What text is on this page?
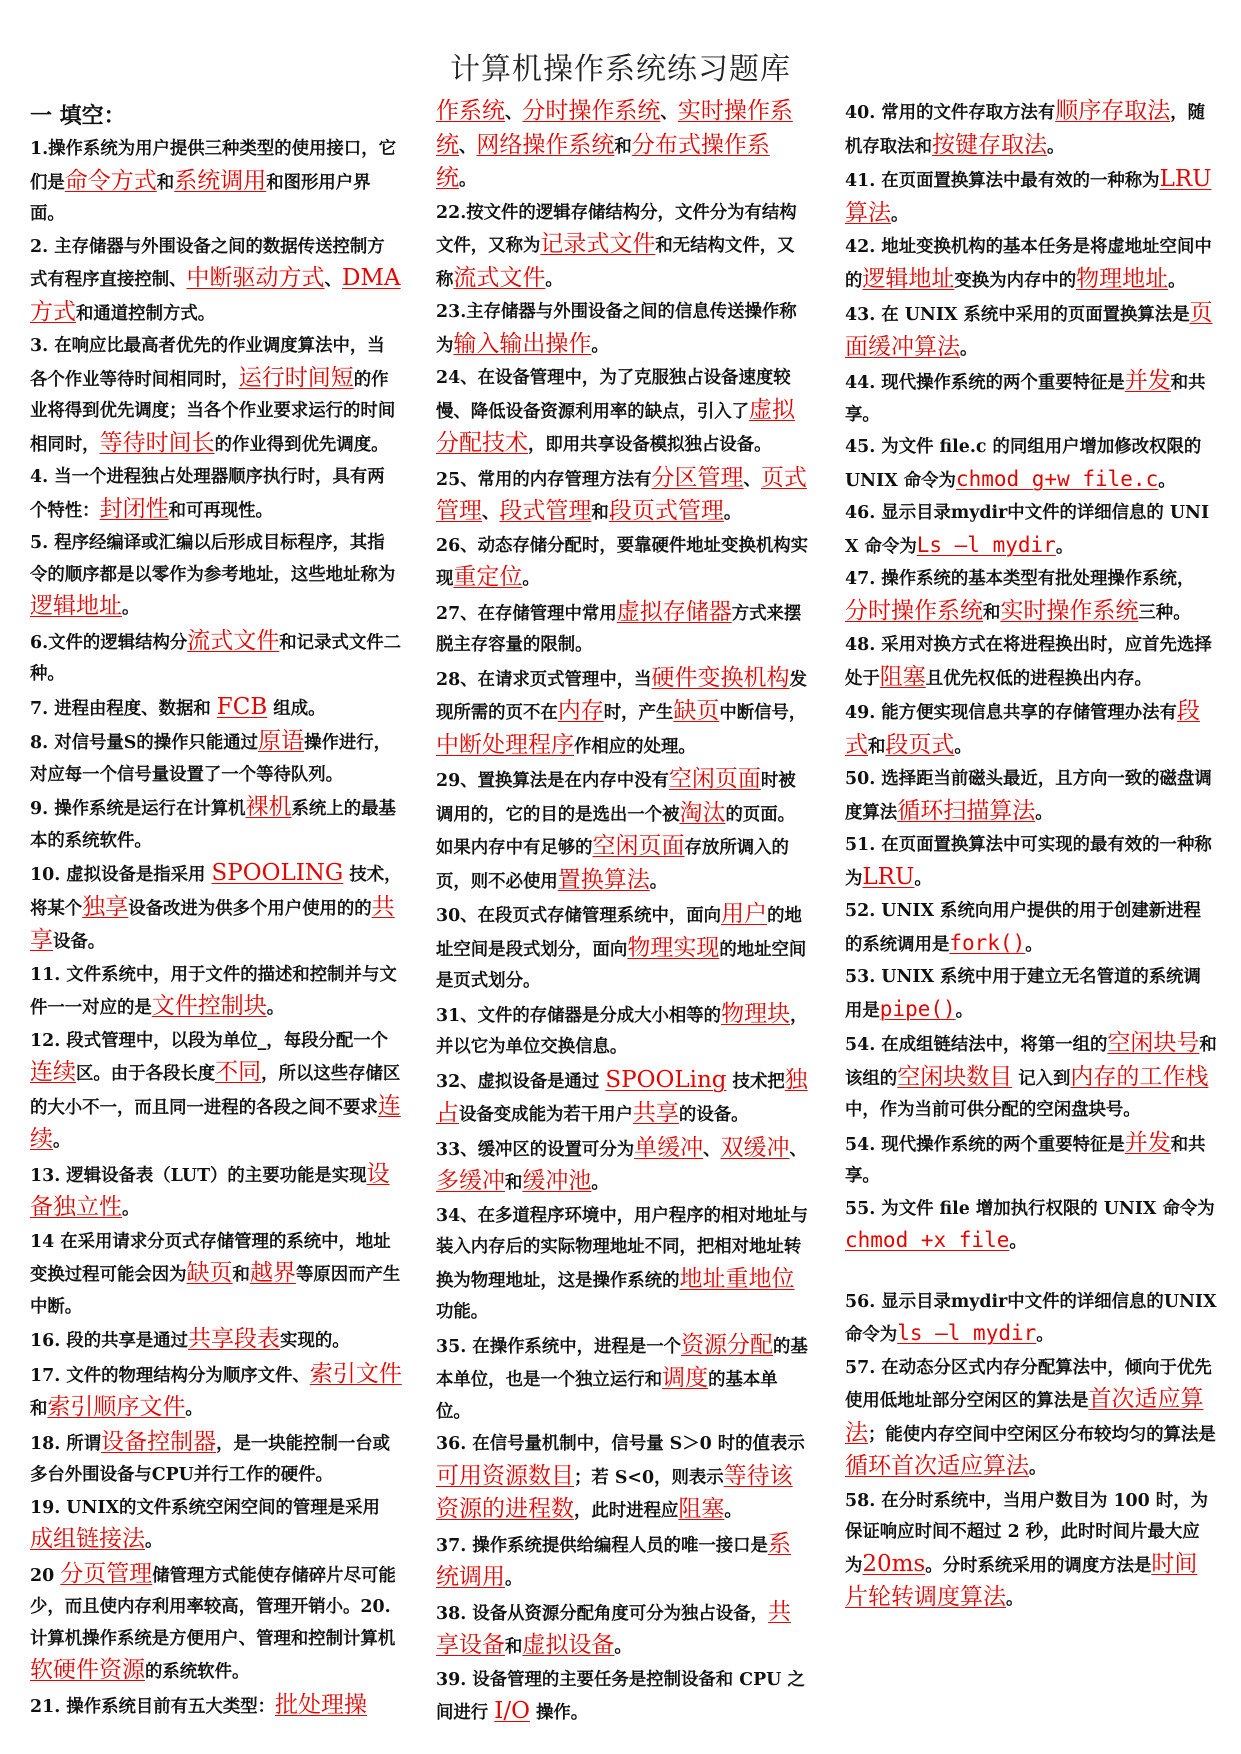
计算机操作系统练习题库
一 填空：
1.操作系统为用户提供三种类型的使用接口，它们是命令方式和系统调用和图形用户界面。
2. 主存储器与外围设备之间的数据传送控制方式有程序直接控制、中断驱动方式、DMA方式和通道控制方式。
3. 在响应比最高者优先的作业调度算法中，当各个作业等待时间相同时，运行时间短的作业将得到优先调度；当各个作业要求运行的时间相同时，等待时间长的作业得到优先调度。
4. 当一个进程独占处理器顺序执行时，具有两个特性：封闭性和可再现性。
5. 程序经编译或汇编以后形成目标程序，其指令的顺序都是以零作为参考地址，这些地址称为逻辑地址。
6.文件的逻辑结构分流式文件和记录式文件二种。
7. 进程由程度、数据和 FCB 组成。
8. 对信号量S的操作只能通过原语操作进行，对应每一个信号量设置了一个等待队列。
9. 操作系统是运行在计算机裸机系统上的最基本的系统软件。
10. 虚拟设备是指采用 SPOOLING 技术，将某个独享设备改进为供多个用户使用的的共享设备。
11. 文件系统中，用于文件的描述和控制并与文件一一对应的是文件控制块。
12. 段式管理中，以段为单位_，每段分配一个连续区。由于各段长度不同，所以这些存储区的大小不一，而且同一进程的各段之间不要求连续。
13. 逻辑设备表（LUT）的主要功能是实现设备独立性。
14 在采用请求分页式存储管理的系统中，地址变换过程可能会因为缺页和越界等原因而产生中断。
16. 段的共享是通过共享段表实现的。
17. 文件的物理结构分为顺序文件、索引文件和索引顺序文件。
18. 所谓设备控制器，是一块能控制一台或多台外围设备与CPU并行工作的硬件。
19. UNIX的文件系统空闲空间的管理是采用成组链接法。
20 分页管理储管理方式能使存储碎片尽可能少，而且使内存利用率较高，管理开销小。20. 计算机操作系统是方便用户、管理和控制计算机软硬件资源的系统软件。
21. 操作系统目前有五大类型：批处理操
作系统、分时操作系统、实时操作系统、网络操作系统和分布式操作系统。
22.按文件的逻辑存储结构分，文件分为有结构文件，又称为记录式文件和无结构文件，又称流式文件。
23.主存储器与外围设备之间的信息传送操作称为输入输出操作。
24、在设备管理中，为了克服独占设备速度较慢、降低设备资源利用率的缺点，引入了虚拟分配技术，即用共享设备模拟独占设备。
25、常用的内存管理方法有分区管理、页式管理、段式管理和段页式管理。
26、动态存储分配时，要靠硬件地址变换机构实现重定位。
27、在存储管理中常用虚拟存储器方式来摆脱主存容量的限制。
28、在请求页式管理中，当硬件变换机构发现所需的页不在内存时，产生缺页中断信号，中断处理程序作相应的处理。
29、置换算法是在内存中没有空闲页面时被调用的，它的目的是选出一个被淘汰的页面。如果内存中有足够的空闲页面存放所调入的页，则不必使用置换算法。
30、在段页式存储管理系统中，面向用户的地址空间是段式划分，面向物理实现的地址空间是页式划分。
31、文件的存储器是分成大小相等的物理块，并以它为单位交换信息。
32、虚拟设备是通过 SPOOLing 技术把独占设备变成能为若干用户共享的设备。
33、缓冲区的设置可分为单缓冲、双缓冲、多缓冲和缓冲池。
34、在多道程序环境中，用户程序的相对地址与装入内存后的实际物理地址不同，把相对地址转换为物理地址，这是操作系统的地址重地位功能。
35. 在操作系统中，进程是一个资源分配的基本单位，也是一个独立运行和调度的基本单位。
36. 在信号量机制中，信号量 S＞0 时的值表示可用资源数目；若 S<0，则表示等待该资源的进程数，此时进程应阻塞。
37. 操作系统提供给编程人员的唯一接口是系统调用。
38. 设备从资源分配角度可分为独占设备，共享设备和虚拟设备。
39. 设备管理的主要任务是控制设备和 CPU 之间进行 I/O 操作。
40. 常用的文件存取方法有顺序存取法，随机存取法和按键存取法。
41. 在页面置换算法中最有效的一种称为LRU算法。
42. 地址变换机构的基本任务是将虚地址空间中的逻辑地址变换为内存中的物理地址。
43. 在 UNIX 系统中采用的页面置换算法是页面缓冲算法。
44. 现代操作系统的两个重要特征是并发和共享。
45. 为文件 file.c 的同组用户增加修改权限的 UNIX 命令为chmod g+w file.c。
46. 显示目录mydir中文件的详细信息的 UNIX 命令为Ls –l mydir。
47. 操作系统的基本类型有批处理操作系统，分时操作系统和实时操作系统三种。
48. 采用对换方式在将进程换出时，应首先选择处于阻塞且优先权低的进程换出内存。
49. 能方便实现信息共享的存储管理办法有段式和段页式。
50. 选择距当前磁头最近，且方向一致的磁盘调度算法循环扫描算法。
51. 在页面置换算法中可实现的最有效的一种称为LRU。
52. UNIX 系统向用户提供的用于创建新进程的系统调用是fork()。
53. UNIX 系统中用于建立无名管道的系统调用是pipe()。
54. 在成组链结法中，将第一组的空闲块号和该组的空闲块数目 记入到内存的工作栈中，作为当前可供分配的空闲盘块号。
54. 现代操作系统的两个重要特征是并发和共享。
55. 为文件 file 增加执行权限的 UNIX 命令为chmod +x file。
56. 显示目录mydir中文件的详细信息的UNIX 命令为ls –l mydir。
57. 在动态分区式内存分配算法中，倾向于优先使用低地址部分空闲区的算法是首次适应算法；能使内存空间中空闲区分布较均匀的算法是循环首次适应算法。
58. 在分时系统中，当用户数目为 100 时，为保证响应时间不超过 2 秒，此时时间片最大应为20ms。分时系统采用的调度方法是时间片轮转调度算法。
